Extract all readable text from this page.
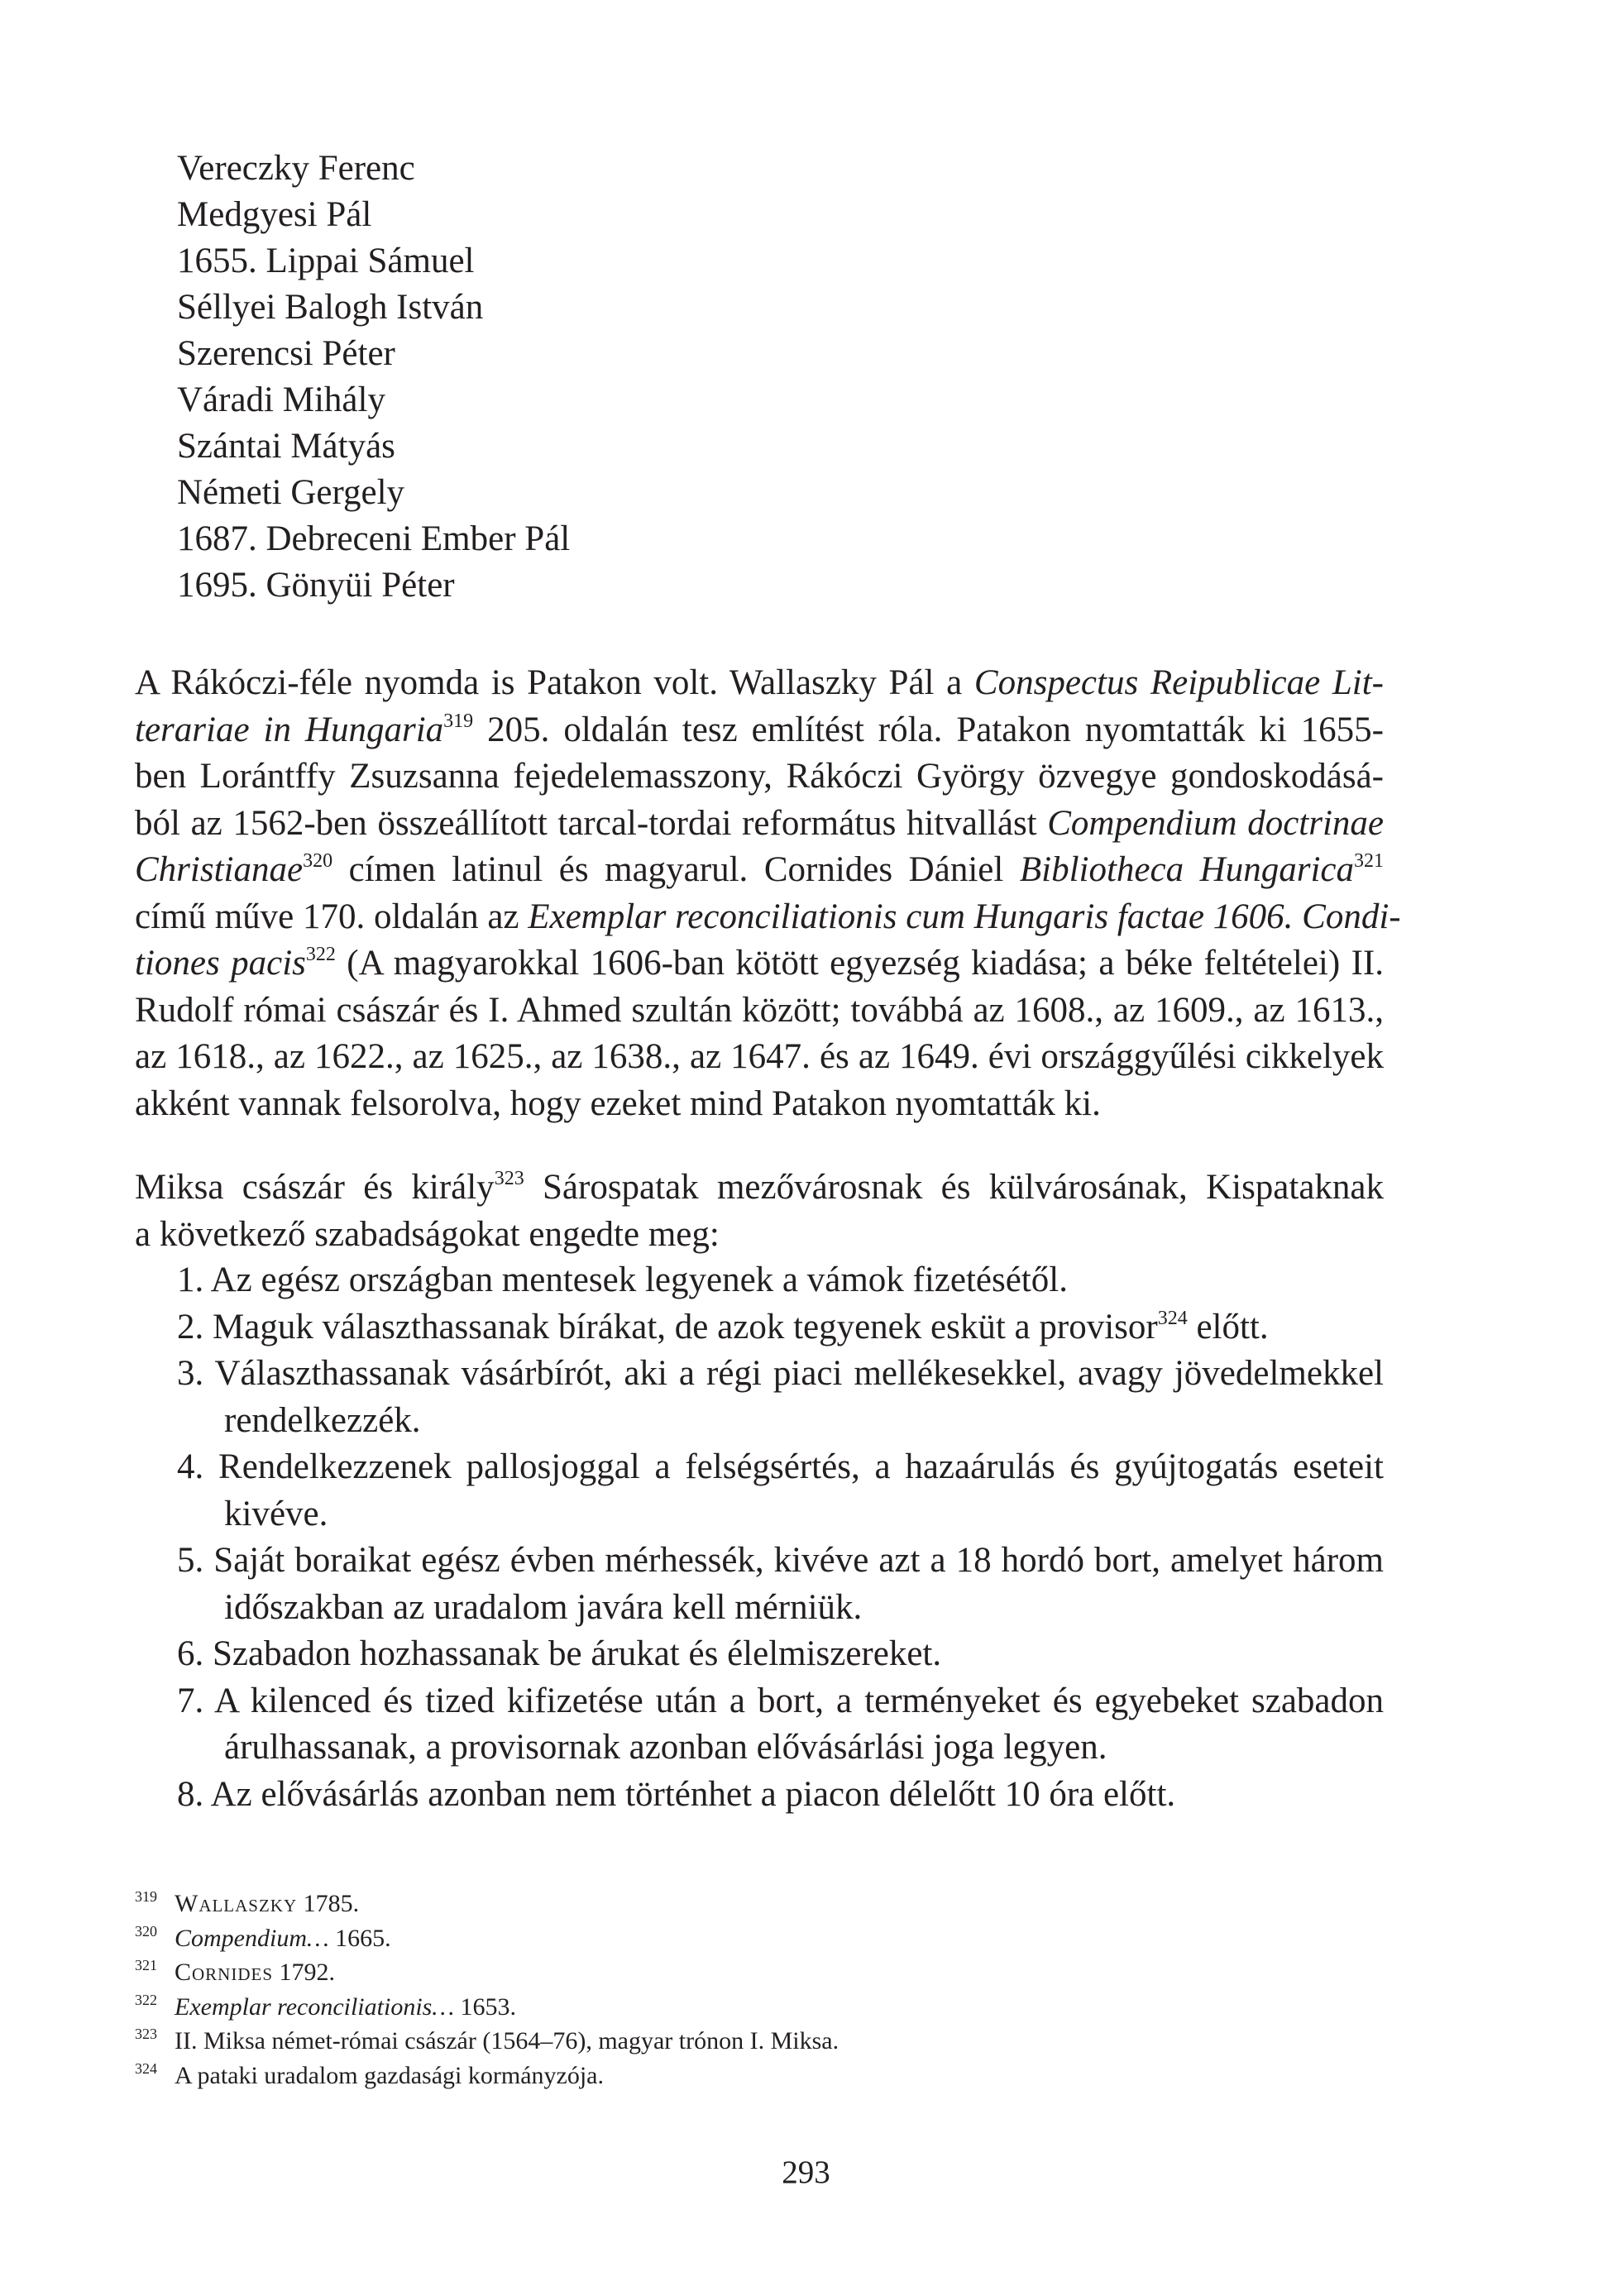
Vereczky Ferenc
Medgyesi Pál
1655. Lippai Sámuel
Séllyei Balogh István
Szerencsi Péter
Váradi Mihály
Szántai Mátyás
Németi Gergely
1687. Debreceni Ember Pál
1695. Gönyüi Péter
A Rákóczi-féle nyomda is Patakon volt. Wallaszky Pál a Conspectus Reipublicae Lit-
terariae in Hungaria$^{319}$ 205. oldalán tesz említést róla. Patakon nyomtatták ki 1655-
ben Lorántffy Zsuzsanna fejedelemasszony, Rákóczi György özvegye gondoskodásá-
ból az 1562-ben összeállított tarcal-tordai református hitvallást Compendium doctrinae
Christianae$^{320}$ címen latinul és magyarul. Cornides Dániel Bibliotheca Hungarica$^{321}$
című műve 170. oldalán az Exemplar reconciliationis cum Hungaris factae 1606. Condi-
tiones pacis$^{322}$ (A magyarokkal 1606-ban kötött egyezség kiadása; a béke feltételei) II.
Rudolf római császár és I. Ahmed szultán között; továbbá az 1608., az 1609., az 1613.,
az 1618., az 1622., az 1625., az 1638., az 1647. és az 1649. évi országgyűlési cikkelyek
akként vannak felsorolva, hogy ezeket mind Patakon nyomtatták ki.
Miksa császár és király$^{323}$ Sárospatak mezővárosnak és külvárosának, Kispataknak
a következő szabadságokat engedte meg:
1. Az egész országban mentesek legyenek a vámok fizetésétől.
2. Maguk választhassanak bírákat, de azok tegyenek esküt a provisor$^{324}$ előtt.
3. Választhassanak vásárbírót, aki a régi piaci mellékesekkel, avagy jövedelmekkel
rendelkezzék.
4. Rendelkezzenek pallosjoggal a felségsértés, a hazaárulás és gyújtogatás eseteit
kivéve.
5. Saját boraikat egész évben mérhessék, kivéve azt a 18 hordó bort, amelyet három
időszakban az uradalom javára kell mérniük.
6. Szabadon hozhassanak be árukat és élelmiszereket.
7. A kilenced és tized kifizetése után a bort, a terményeket és egyebeket szabadon
árulhassanak, a provisornak azonban elővásárlási joga legyen.
8. Az elővásárlás azonban nem történhet a piacon délelőtt 10 óra előtt.
319 Wallaszky 1785.
320 Compendium… 1665.
321 Cornides 1792.
322 Exemplar reconciliationis… 1653.
323 II. Miksa német-római császár (1564–76), magyar trónon I. Miksa.
324 A pataki uradalom gazdasági kormányzója.
293
